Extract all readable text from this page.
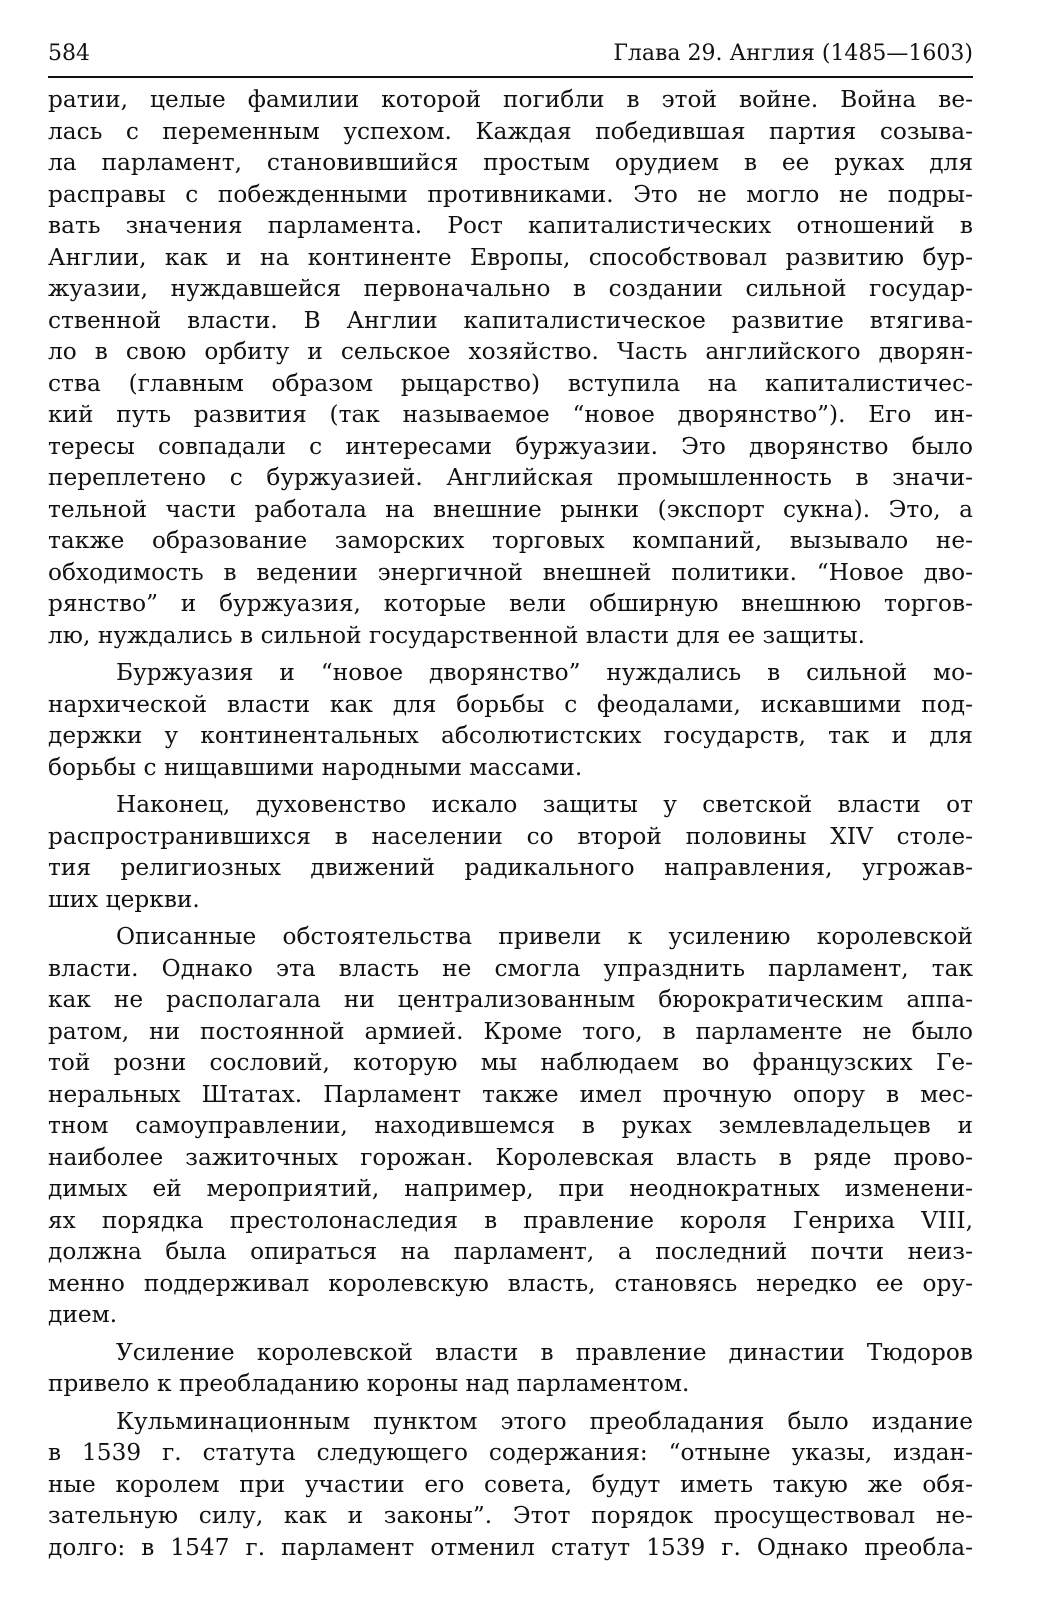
584	Глава 29. Англия (1485—1603)

ратии, целые фамилии которой погибли в этой войне. Война ве-
лась с переменным успехом. Каждая победившая партия созыва-
ла парламент, становившийся простым орудием в ее руках для
расправы с побежденными противниками. Это не могло не подры-
вать значения парламента. Рост капиталистических отношений в
Англии, как и на континенте Европы, способствовал развитию бур-
жуазии, нуждавшейся первоначально в создании сильной государ-
ственной власти. В Англии капиталистическое развитие втягива-
ло в свою орбиту и сельское хозяйство. Часть английского дворян-
ства (главным образом рыцарство) вступила на капиталистичес-
кий путь развития (так называемое “новое дворянство”). Его ин-
тересы совпадали с интересами буржуазии. Это дворянство было
переплетено с буржуазией. Английская промышленность в значи-
тельной части работала на внешние рынки (экспорт сукна). Это, а
также образование заморских торговых компаний, вызывало не-
обходимость в ведении энергичной внешней политики. “Новое дво-
рянство” и буржуазия, которые вели обширную внешнюю торгов-
лю, нуждались в сильной государственной власти для ее защиты.

Буржуазия и “новое дворянство” нуждались в сильной мо-
нархической власти как для борьбы с феодалами, искавшими под-
держки у континентальных абсолютистских государств, так и для
борьбы с нищавшими народными массами.

Наконец, духовенство искало защиты у светской власти от
распространившихся в населении со второй половины XIV столе-
тия религиозных движений радикального направления, угрожав-
ших церкви.

Описанные обстоятельства привели к усилению королевской
власти. Однако эта власть не смогла упразднить парламент, так
как не располагала ни централизованным бюрократическим аппа-
ратом, ни постоянной армией. Кроме того, в парламенте не было
той розни сословий, которую мы наблюдаем во французских Ге-
неральных Штатах. Парламент также имел прочную опору в мес-
тном самоуправлении, находившемся в руках землевладельцев и
наиболее зажиточных горожан. Королевская власть в ряде прово-
димых ей мероприятий, например, при неоднократных изменени-
ях порядка престолонаследия в правление короля Генриха VIII,
должна была опираться на парламент, а последний почти неиз-
менно поддерживал королевскую власть, становясь нередко ее ору-
дием.

Усиление королевской власти в правление династии Тюдоров
привело к преобладанию короны над парламентом.

Кульминационным пунктом этого преобладания было издание
в 1539 г. статута следующего содержания: “отныне указы, издан-
ные королем при участии его совета, будут иметь такую же обя-
зательную силу, как и законы”. Этот порядок просуществовал не-
долго: в 1547 г. парламент отменил статут 1539 г. Однако преобла-
